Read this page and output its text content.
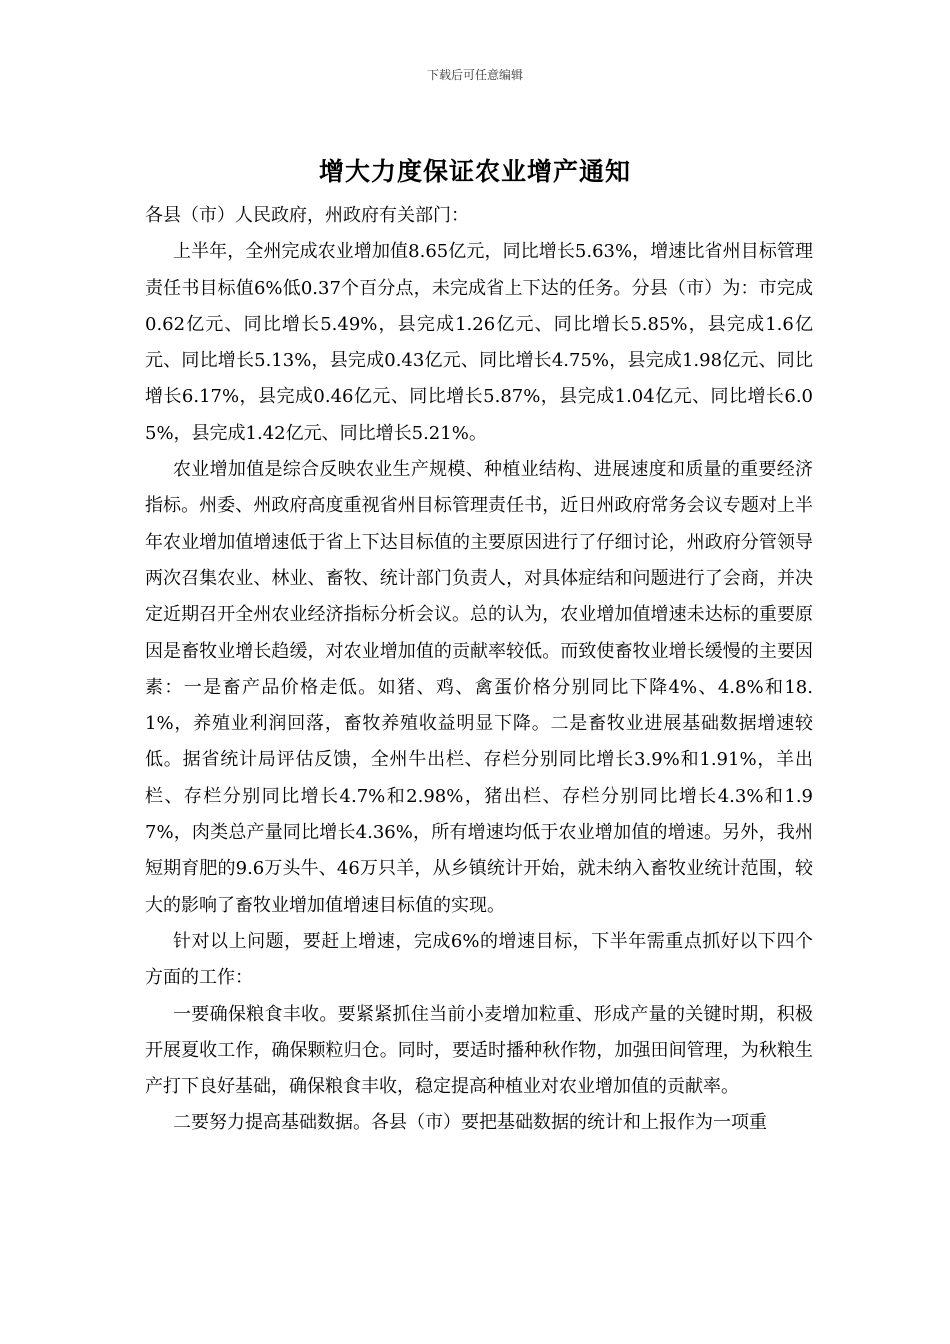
下载后可任意编辑
增大力度保证农业增产通知

各县（市）人民政府，州政府有关部门：

上半年，全州完成农业增加值8.65亿元，同比增长5.63%，增速比省州目标管理责任书目标值6%低0.37个百分点，未完成省上下达的任务。分县（市）为：市完成0.62亿元、同比增长5.49%，县完成1.26亿元、同比增长5.85%，县完成1.6亿元、同比增长5.13%，县完成0.43亿元、同比增长4.75%，县完成1.98亿元、同比增长6.17%，县完成0.46亿元、同比增长5.87%，县完成1.04亿元、同比增长6.05%，县完成1.42亿元、同比增长5.21%。

农业增加值是综合反映农业生产规模、种植业结构、进展速度和质量的重要经济指标。州委、州政府高度重视省州目标管理责任书，近日州政府常务会议专题对上半年农业增加值增速低于省上下达目标值的主要原因进行了仔细讨论，州政府分管领导两次召集农业、林业、畜牧、统计部门负责人，对具体症结和问题进行了会商，并决定近期召开全州农业经济指标分析会议。总的认为，农业增加值增速未达标的重要原因是畜牧业增长趋缓，对农业增加值的贡献率较低。而致使畜牧业增长缓慢的主要因素：一是畜产品价格走低。如猪、鸡、禽蛋价格分别同比下降4%、4.8%和18.1%，养殖业利润回落，畜牧养殖收益明显下降。二是畜牧业进展基础数据增速较低。据省统计局评估反馈，全州牛出栏、存栏分别同比增长3.9%和1.91%，羊出栏、存栏分别同比增长4.7%和2.98%，猪出栏、存栏分别同比增长4.3%和1.97%，肉类总产量同比增长4.36%，所有增速均低于农业增加值的增速。另外，我州短期育肥的9.6万头牛、46万只羊，从乡镇统计开始，就未纳入畜牧业统计范围，较大的影响了畜牧业增加值增速目标值的实现。

针对以上问题，要赶上增速，完成6%的增速目标，下半年需重点抓好以下四个方面的工作：

一要确保粮食丰收。要紧紧抓住当前小麦增加粒重、形成产量的关键时期，积极开展夏收工作，确保颗粒归仓。同时，要适时播种秋作物，加强田间管理，为秋粮生产打下良好基础，确保粮食丰收，稳定提高种植业对农业增加值的贡献率。

二要努力提高基础数据。各县（市）要把基础数据的统计和上报作为一项重
